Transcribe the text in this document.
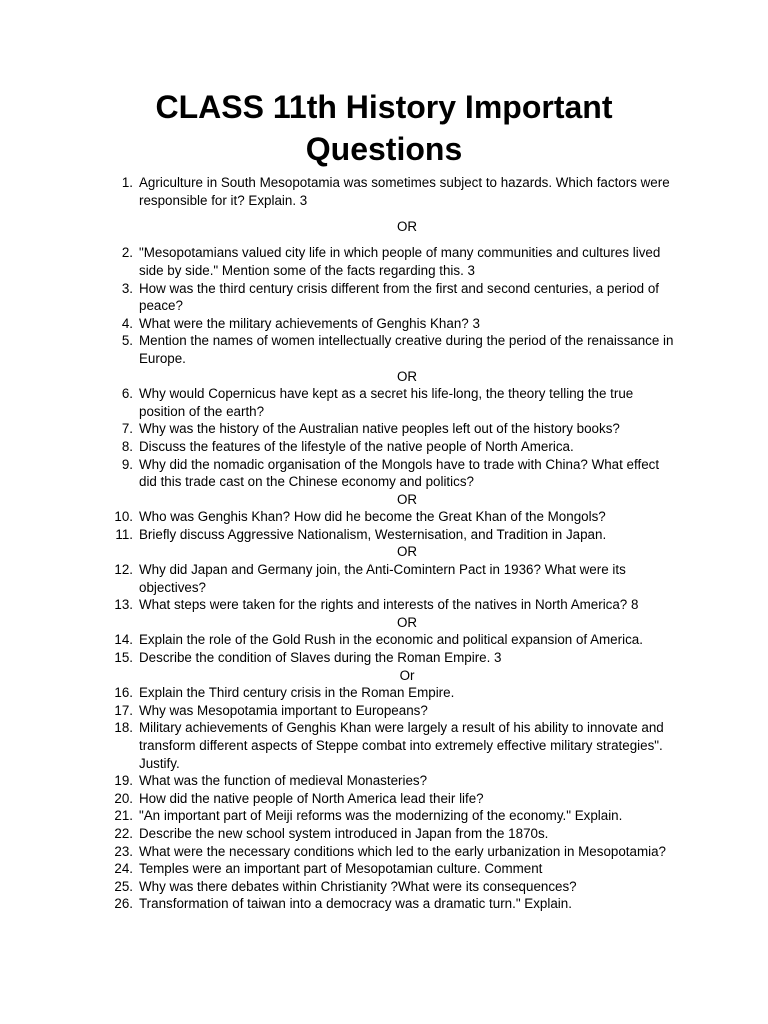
CLASS 11th History Important
Questions
1. Agriculture in South Mesopotamia was sometimes subject to hazards. Which factors were responsible for it? Explain. 3
OR
2. "Mesopotamians valued city life in which people of many communities and cultures lived side by side." Mention some of the facts regarding this. 3
3. How was the third century crisis different from the first and second centuries, a period of peace?
4. What were the military achievements of Genghis Khan? 3
5. Mention the names of women intellectually creative during the period of the renaissance in Europe.
OR
6. Why would Copernicus have kept as a secret his life-long, the theory telling the true position of the earth?
7. Why was the history of the Australian native peoples left out of the history books?
8. Discuss the features of the lifestyle of the native people of North America.
9. Why did the nomadic organisation of the Mongols have to trade with China? What effect did this trade cast on the Chinese economy and politics?
OR
10. Who was Genghis Khan? How did he become the Great Khan of the Mongols?
11. Briefly discuss Aggressive Nationalism, Westernisation, and Tradition in Japan.
OR
12. Why did Japan and Germany join, the Anti-Comintern Pact in 1936? What were its objectives?
13. What steps were taken for the rights and interests of the natives in North America? 8
OR
14. Explain the role of the Gold Rush in the economic and political expansion of America.
15. Describe the condition of Slaves during the Roman Empire. 3
Or
16. Explain the Third century crisis in the Roman Empire.
17. Why was Mesopotamia important to Europeans?
18. Military achievements of Genghis Khan were largely a result of his ability to innovate and transform different aspects of Steppe combat into extremely effective military strategies". Justify.
19. What was the function of medieval Monasteries?
20. How did the native people of North America lead their life?
21. "An important part of Meiji reforms was the modernizing of the economy." Explain.
22. Describe the new school system introduced in Japan from the 1870s.
23. What were the necessary conditions which led to the early urbanization in Mesopotamia?
24. Temples were an important part of Mesopotamian culture. Comment
25. Why was there debates within Christianity ?What were its consequences?
26. Transformation of taiwan into a democracy was a dramatic turn." Explain.
